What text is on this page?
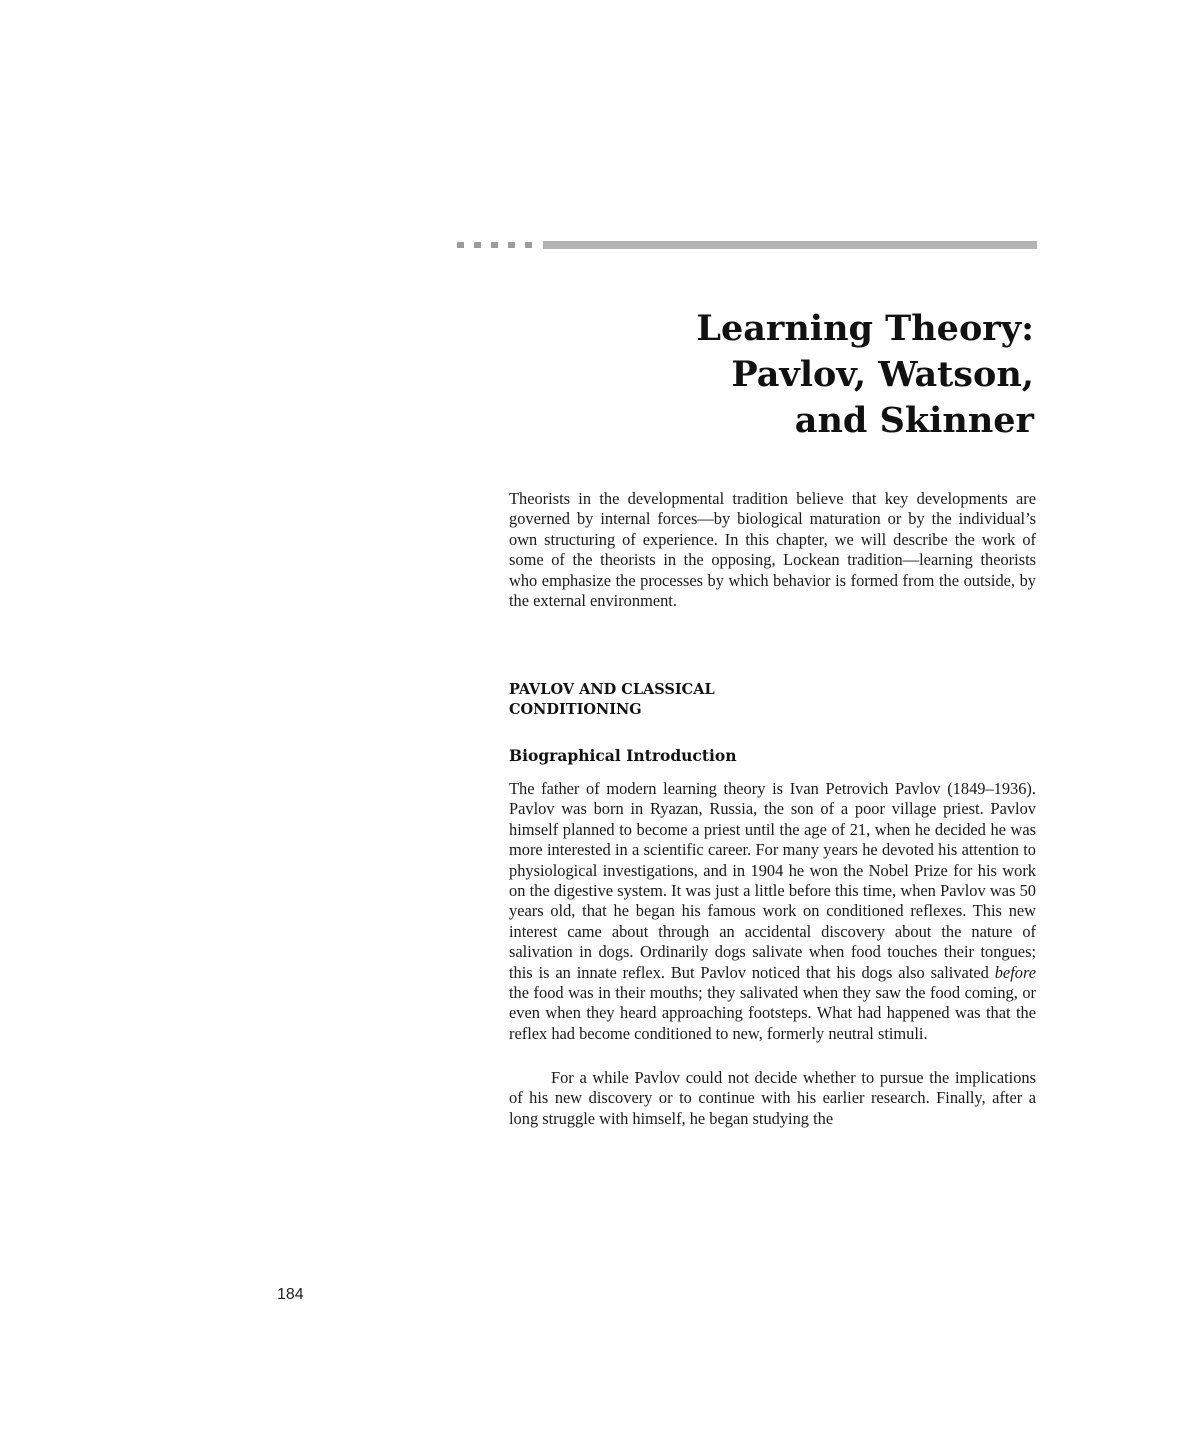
Learning Theory:
Pavlov, Watson,
and Skinner

Theorists in the developmental tradition believe that key developments are governed by internal forces—by biological maturation or by the individual’s own structuring of experience. In this chapter, we will describe the work of some of the theorists in the opposing, Lockean tradition—learning theorists who emphasize the processes by which behavior is formed from the outside, by the external environment.

PAVLOV AND CLASSICAL
CONDITIONING
Biographical Introduction

The father of modern learning theory is Ivan Petrovich Pavlov (1849–1936). Pavlov was born in Ryazan, Russia, the son of a poor village priest. Pavlov himself planned to become a priest until the age of 21, when he decided he was more interested in a scientific career. For many years he devoted his attention to physiological investigations, and in 1904 he won the Nobel Prize for his work on the digestive system. It was just a little before this time, when Pavlov was 50 years old, that he began his famous work on conditioned reflexes. This new interest came about through an accidental discovery about the nature of salivation in dogs. Ordinarily dogs salivate when food touches their tongues; this is an innate reflex. But Pavlov noticed that his dogs also salivated before the food was in their mouths; they salivated when they saw the food coming, or even when they heard approaching footsteps. What had happened was that the reflex had become conditioned to new, formerly neutral stimuli.

For a while Pavlov could not decide whether to pursue the implications of his new discovery or to continue with his earlier research. Finally, after a long struggle with himself, he began studying the

184
